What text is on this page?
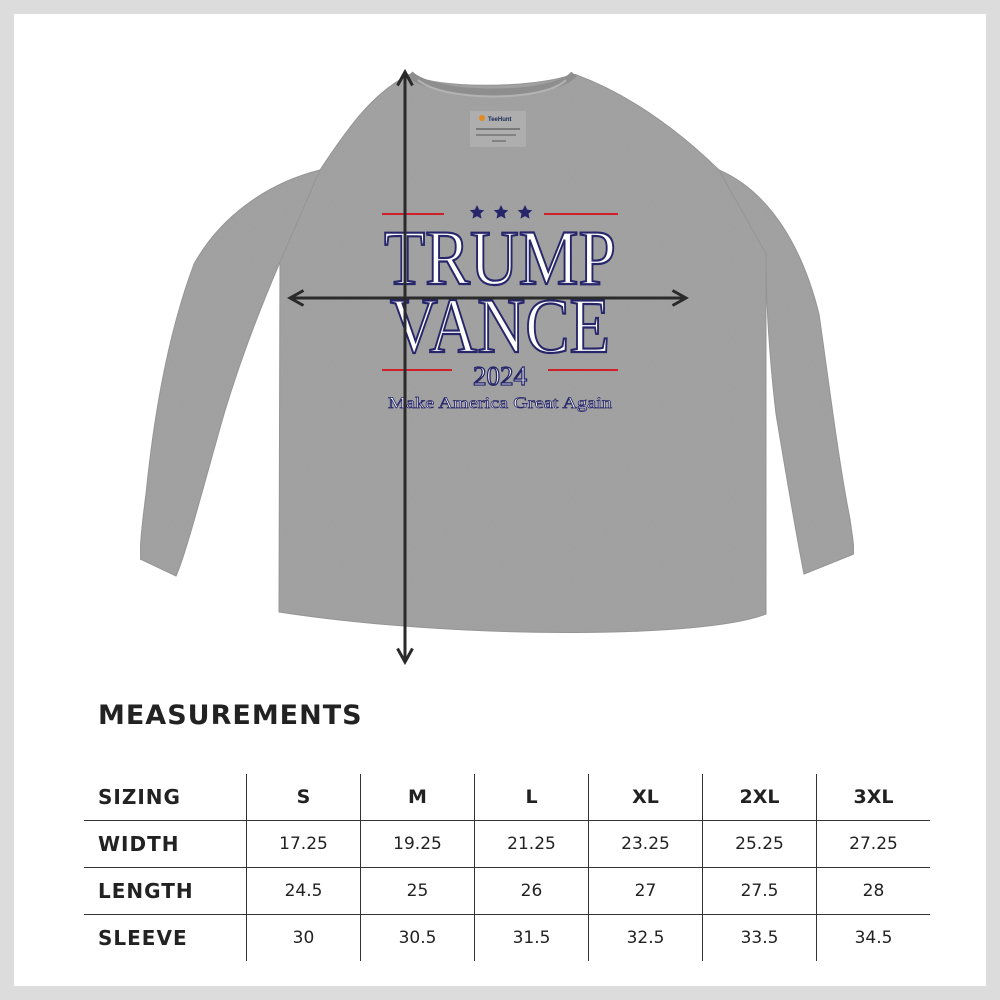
TeeHunt
TRUMP
VANCE
2024
Make America Great Again
MEASUREMENTS
SIZING	S	M	L	XL	2XL	3XL
WIDTH	17.25	19.25	21.25	23.25	25.25	27.25
LENGTH	24.5	25	26	27	27.5	28
SLEEVE	30	30.5	31.5	32.5	33.5	34.5
